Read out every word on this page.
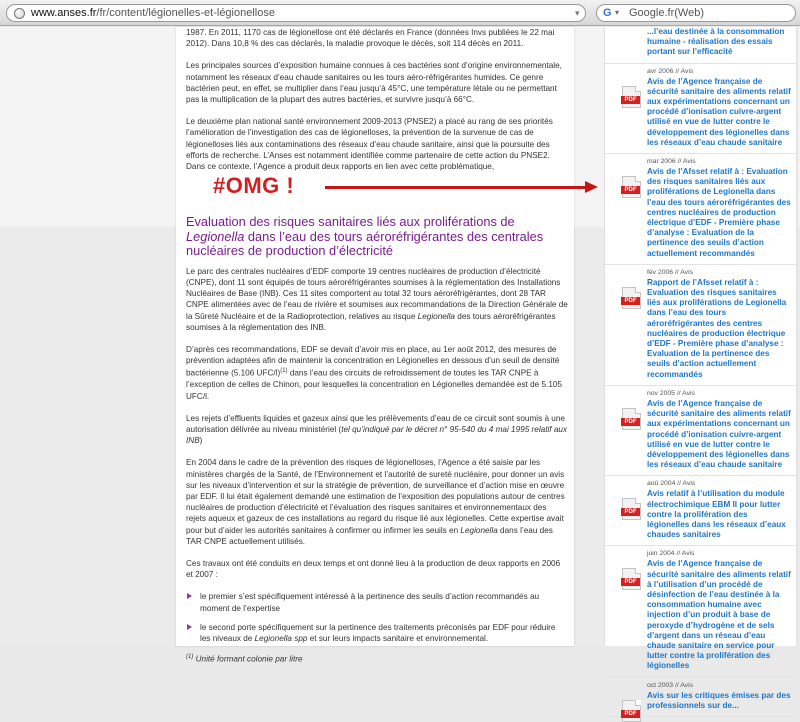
www.anses.fr/fr/content/légionelles-et-légionellose	▾ G ▾ Google.fr(Web)

1987. En 2011, 1170 cas de légionellose ont été déclarés en France (données Invs publiées le 22 mai 2012). Dans 10,8 % des cas déclarés, la maladie provoque le décès, soit 114 décès en 2011.

Les principales sources d’exposition humaine connues à ces bactéries sont d’origine environnementale, notamment les réseaux d’eau chaude sanitaires ou les tours aéro-réfrigérantes humides. Ce genre bactérien peut, en effet, se multiplier dans l’eau jusqu’à 45°C, une température létale ou ne permettant pas la multiplication de la plupart des autres bactéries, et survivre jusqu’à 66°C.

Le deuxième plan national santé environnement 2009-2013 (PNSE2) a placé au rang de ses priorités l’amélioration de l’investigation des cas de légionelloses, la prévention de la survenue de cas de légionelloses liés aux contaminations des réseaux d’eau chaude sanitaire, ainsi que la poursuite des efforts de recherche. L’Anses est notamment identifiée comme partenaire de cette action du PNSE2. Dans ce contexte, l’Agence a produit deux rapports en lien avec cette problématique,

Evaluation des risques sanitaires liés aux proliférations de Legionella dans l’eau des tours aéroréfrigérantes des centrales nucléaires de production d’électricité

Le parc des centrales nucléaires d’EDF comporte 19 centres nucléaires de production d’électricité (CNPE), dont 11 sont équipés de tours aéroréfrigérantes soumises à la réglementation des Installations Nucléaires de Base (INB). Ces 11 sites comportent au total 32 tours aéroréfrigérantes, dont 28 TAR CNPE alimentées avec de l’eau de rivière et soumises aux recommandations de la Direction Générale de la Sûreté Nucléaire et de la Radioprotection, relatives au risque Legionella des tours aéroréfrigérantes soumises à la réglementation des INB.

D’après ces recommandations, EDF se devait d’avoir mis en place, au 1er août 2012, des mesures de prévention adaptées afin de maintenir la concentration en Légionelles en dessous d’un seuil de densité bactérienne (5.106 UFC/l)$^{(1)}$ dans l’eau des circuits de refroidissement de toutes les TAR CNPE à l’exception de celles de Chinon, pour lesquelles la concentration en Légionelles demandée est de 5.105 UFC/l.

Les rejets d’effluents liquides et gazeux ainsi que les prélèvements d’eau de ce circuit sont soumis à une autorisation délivrée au niveau ministériel (tel qu’indiqué par le décret n° 95-540 du 4 mai 1995 relatif aux INB)

En 2004 dans le cadre de la prévention des risques de légionelloses, l’Agence a été saisie par les ministères chargés de la Santé, de l’Environnement et l’autorité de sureté nucléaire, pour donner un avis sur les niveaux d’intervention et sur la stratégie de prévention, de surveillance et d’action mise en œuvre par EDF. Il lui était également demandé une estimation de l’exposition des populations autour de centres nucléaires de production d’électricité et l’évaluation des risques sanitaires et environnementaux des rejets aqueux et gazeux de ces installations au regard du risque lié aux légionelles. Cette expertise avait pour but d’aider les autorités sanitaires à confirmer ou infirmer les seuils en Legionella dans l’eau des TAR CNPE actuellement utilisés.

Ces travaux ont été conduits en deux temps et ont donné lieu à la production de deux rapports en 2006 et 2007 :

le premier s’est spécifiquement intéressé à la pertinence des seuils d’action recommandés au moment de l’expertise
le second porte spécifiquement sur la pertinence des traitements préconisés par EDF pour réduire les niveaux de Legionella spp et sur leurs impacts sanitaire et environnemental.

$^{(1)}$ Unité formant colonie par litre

#OMG !
...l’eau destinée à la consommation humaine - réalisation des essais portant sur l’efficacité
avr 2006 // Avis
Avis de l’Agence française de sécurité sanitaire des aliments relatif aux expérimentations concernant un procédé d’ionisation cuivre-argent utilisé en vue de lutter contre le développement des légionelles dans les réseaux d’eau chaude sanitaire
PDF
mar 2006 // Avis
Avis de l’Afsset relatif à : Evaluation des risques sanitaires liés aux proliférations de Legionella dans l’eau des tours aéroréfrigérantes des centres nucléaires de production électrique d’EDF - Première phase d’analyse : Evaluation de la pertinence des seuils d’action actuellement recommandés
PDF
fév 2006 // Avis
Rapport de l’Afsset relatif à : Evaluation des risques sanitaires liés aux proliférations de Legionella dans l’eau des tours aéroréfrigérantes des centres nucléaires de production électrique d’EDF - Première phase d’analyse : Evaluation de la pertinence des seuils d’action actuellement recommandés
PDF
nov 2005 // Avis
Avis de l’Agence française de sécurité sanitaire des aliments relatif aux expérimentations concernant un procédé d’ionisation cuivre-argent utilisé en vue de lutter contre le développement des légionelles dans les réseaux d’eau chaude sanitaire
PDF
aoû 2004 // Avis
Avis relatif à l’utilisation du module électrochimique EBM II pour lutter contre la prolifération des légionelles dans les réseaux d’eaux chaudes sanitaires
PDF
juin 2004 // Avis
Avis de l’Agence française de sécurité sanitaire des aliments relatif à l’utilisation d’un procédé de désinfection de l’eau destinée à la consommation humaine avec injection d’un produit à base de peroxyde d’hydrogène et de sels d’argent dans un réseau d’eau chaude sanitaire en service pour lutter contre la prolifération des légionelles
PDF
oct 2003 // Avis
Avis sur les critiques émises par des professionnels sur de...
PDF
